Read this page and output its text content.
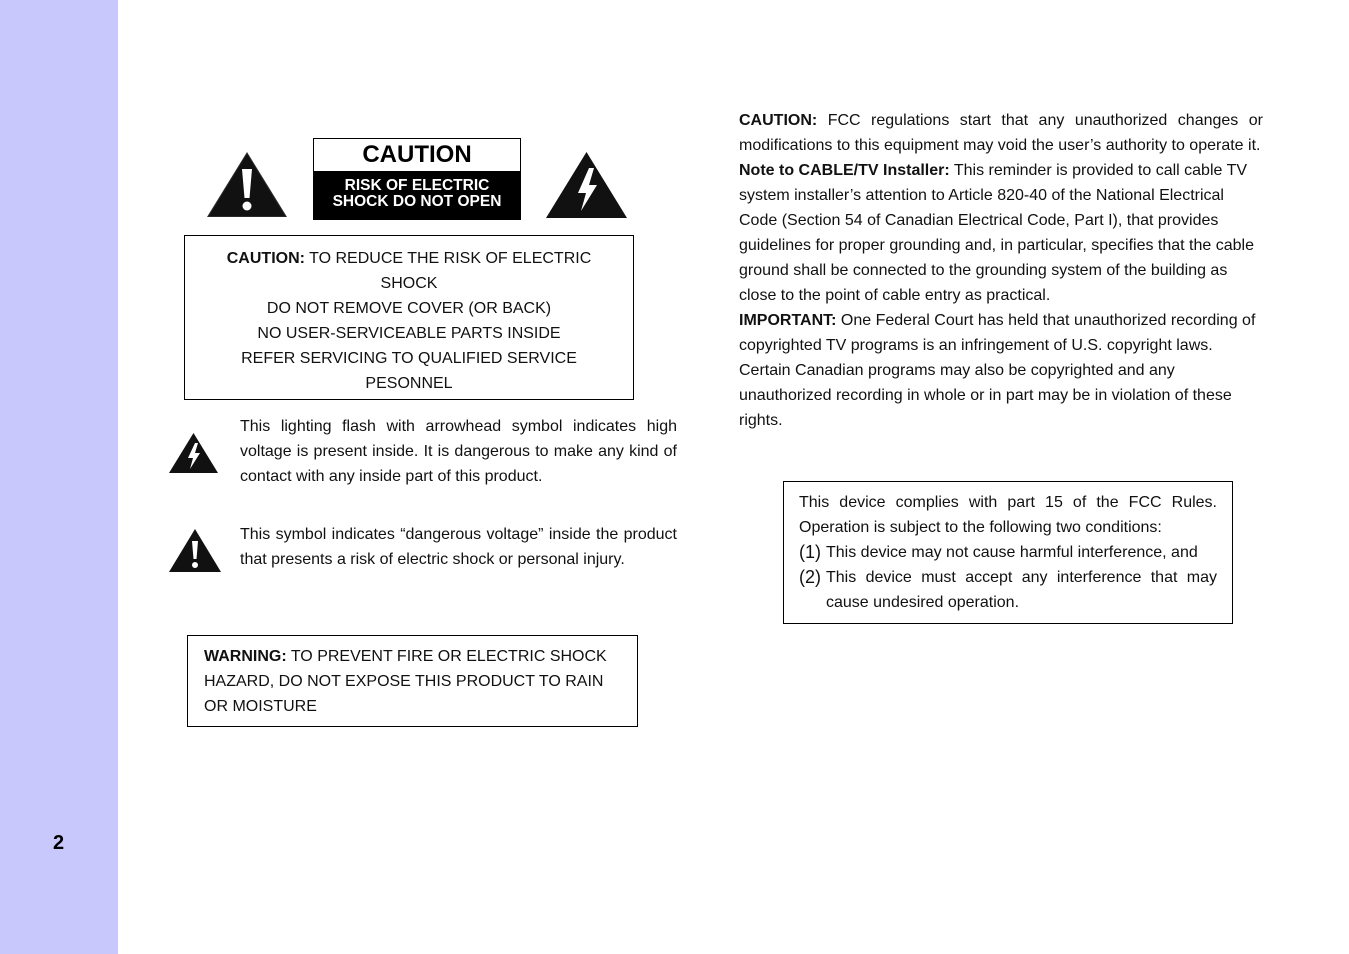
2
CAUTION
RISK OF ELECTRIC
SHOCK DO NOT OPEN
CAUTION: TO REDUCE THE RISK OF ELECTRIC SHOCK
DO NOT REMOVE COVER (OR BACK)
NO USER-SERVICEABLE PARTS INSIDE
REFER SERVICING TO QUALIFIED SERVICE PESONNEL
This lighting flash with arrowhead symbol indicates high voltage is present inside. It is dangerous to make any kind of contact with any inside part of this product.
This symbol indicates “dangerous voltage” inside the product that presents a risk of electric shock or personal injury.
WARNING: TO PREVENT FIRE OR ELECTRIC SHOCK HAZARD, DO NOT EXPOSE THIS PRODUCT TO RAIN OR MOISTURE

CAUTION: FCC regulations start that any unauthorized changes or modifications to this equipment may void the user’s authority to operate it.

Note to CABLE/TV Installer: This reminder is provided to call cable TV system installer’s attention to Article 820-40 of the National Electrical Code (Section 54 of Canadian Electrical Code, Part I), that provides guidelines for proper grounding and, in particular, specifies that the cable ground shall be connected to the grounding system of the building as close to the point of cable entry as practical.

IMPORTANT: One Federal Court has held that unauthorized recording of copyrighted TV programs is an infringement of U.S. copyright laws. Certain Canadian programs may also be copyrighted and any unauthorized recording in whole or in part may be in violation of these rights.

This device complies with part 15 of the FCC Rules. Operation is subject to the following two conditions:
(1) This device may not cause harmful interference, and
(2) This device must accept any interference that may cause undesired operation.
